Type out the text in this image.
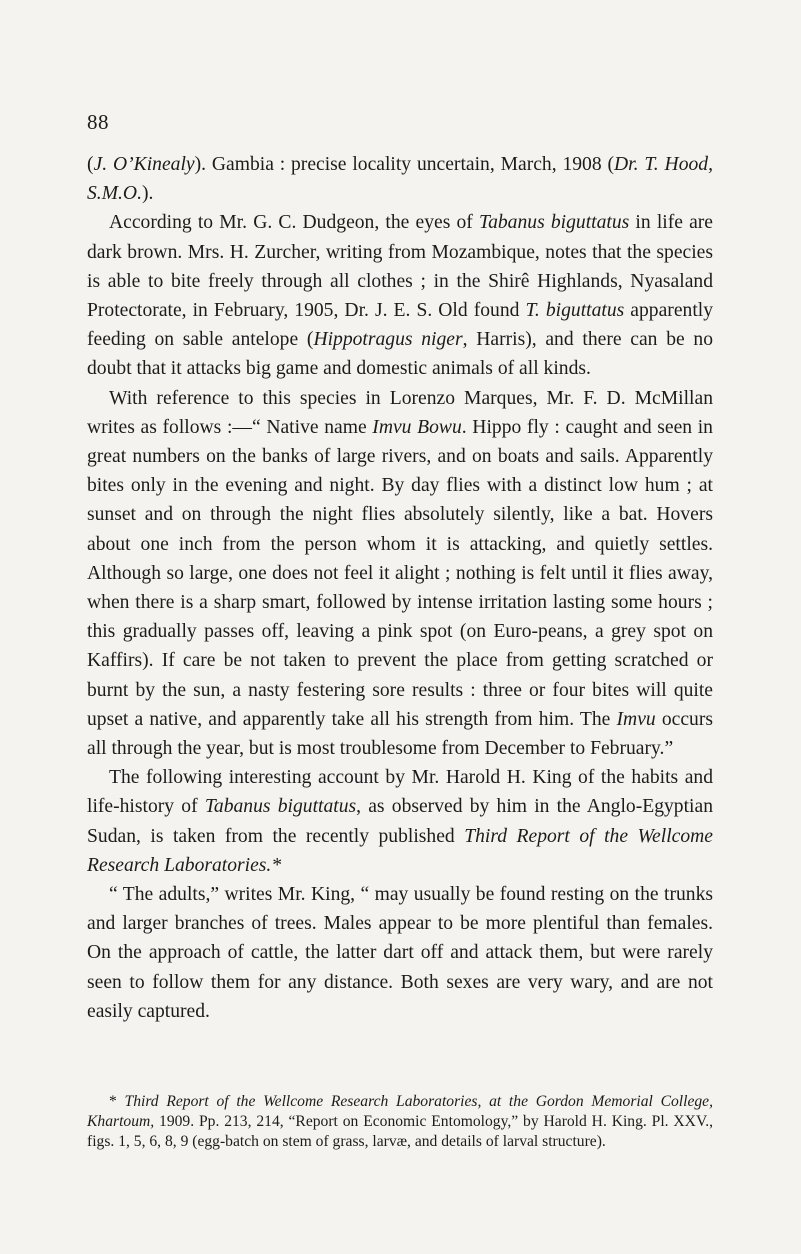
88

(J. O’Kinealy). Gambia : precise locality uncertain, March, 1908 (Dr. T. Hood, S.M.O.).

According to Mr. G. C. Dudgeon, the eyes of Tabanus biguttatus in life are dark brown. Mrs. H. Zurcher, writing from Mozambique, notes that the species is able to bite freely through all clothes ; in the Shirê Highlands, Nyasaland Protectorate, in February, 1905, Dr. J. E. S. Old found T. biguttatus apparently feeding on sable antelope (Hippotragus niger, Harris), and there can be no doubt that it attacks big game and domestic animals of all kinds.

With reference to this species in Lorenzo Marques, Mr. F. D. McMillan writes as follows :—“ Native name Imvu Bowu. Hippo fly : caught and seen in great numbers on the banks of large rivers, and on boats and sails. Apparently bites only in the evening and night. By day flies with a distinct low hum ; at sunset and on through the night flies absolutely silently, like a bat. Hovers about one inch from the person whom it is attacking, and quietly settles. Although so large, one does not feel it alight ; nothing is felt until it flies away, when there is a sharp smart, followed by intense irritation lasting some hours ; this gradually passes off, leaving a pink spot (on Euro-peans, a grey spot on Kaffirs). If care be not taken to prevent the place from getting scratched or burnt by the sun, a nasty festering sore results : three or four bites will quite upset a native, and apparently take all his strength from him. The Imvu occurs all through the year, but is most troublesome from December to February.”

The following interesting account by Mr. Harold H. King of the habits and life-history of Tabanus biguttatus, as observed by him in the Anglo-Egyptian Sudan, is taken from the recently published Third Report of the Wellcome Research Laboratories.*

“ The adults,” writes Mr. King, “ may usually be found resting on the trunks and larger branches of trees. Males appear to be more plentiful than females. On the approach of cattle, the latter dart off and attack them, but were rarely seen to follow them for any distance. Both sexes are very wary, and are not easily captured.

* Third Report of the Wellcome Research Laboratories, at the Gordon Memorial College, Khartoum, 1909. Pp. 213, 214, “Report on Economic Entomology,” by Harold H. King. Pl. XXV., figs. 1, 5, 6, 8, 9 (egg-batch on stem of grass, larvæ, and details of larval structure).
